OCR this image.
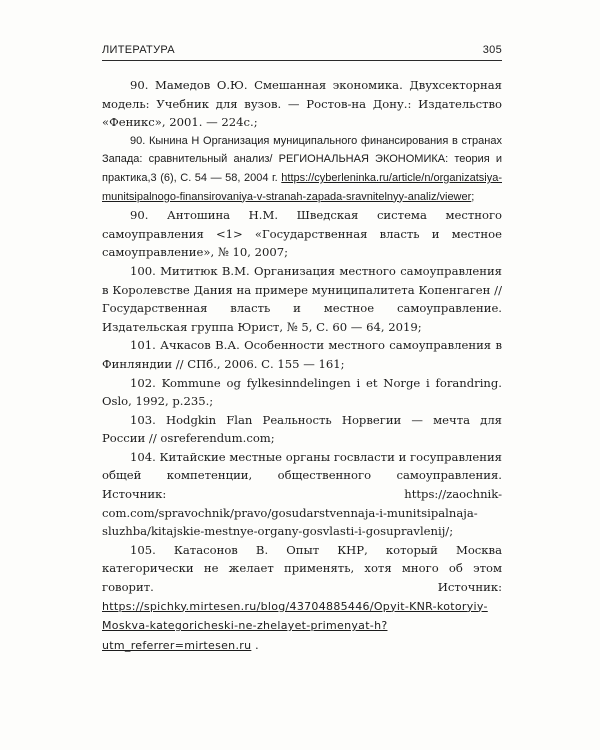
ЛИТЕРАТУРА	305

90. Мамедов О.Ю. Смешанная экономика. Двухсекторная модель: Учебник для вузов. — Ростов-на Дону.: Издательство «Феникс», 2001. — 224с.;

90. Кынина Н Организация муниципального финансирования в странах Запада: сравнительный анализ/ РЕГИОНАЛЬНАЯ ЭКОНОМИКА: теория и практика,3 (6), С. 54 — 58, 2004 г. https://cyberleninka.ru/article/n/organizatsiya-munitsipalnogo-finansirovaniya-v-stranah-zapada-sravnitelnyy-analiz/viewer;

90. Антошина Н.М. Шведская система местного самоуправления <1> «Государственная власть и местное самоуправление», № 10, 2007;

100. Мититюк В.М. Организация местного самоуправления в Королевстве Дания на примере муниципалитета Копенгаген // Государственная власть и местное самоуправление. Издательская группа Юрист, № 5, С. 60 — 64, 2019;

101. Ачкасов В.А. Особенности местного самоуправления в Финляндии // СПб., 2006. С. 155 — 161;

102. Kommune og fylkesinndelingen i et Norge i forandring. Oslo, 1992, p.235.;

103. Hodgkin Flan Реальность Норвегии — мечта для России // osreferendum.com;

104. Китайские местные органы госвласти и госуправления общей компетенции, общественного самоуправления. Источник: https://zaochnik-com.com/spravochnik/pravo/gosudarstvennaja-i-munitsipalnaja-sluzhba/kitajskie-mestnye-organy-gosvlasti-i-gosupravlenij/;

105. Катасонов В. Опыт КНР, который Москва категорически не желает применять, хотя много об этом говорит. Источник: https://spichky.mirtesen.ru/blog/43704885446/Opyit-KNR-kotoryiy-Moskva-kategoricheski-ne-zhelayet-primenyat-h?utm_referrer=mirtesen.ru .
